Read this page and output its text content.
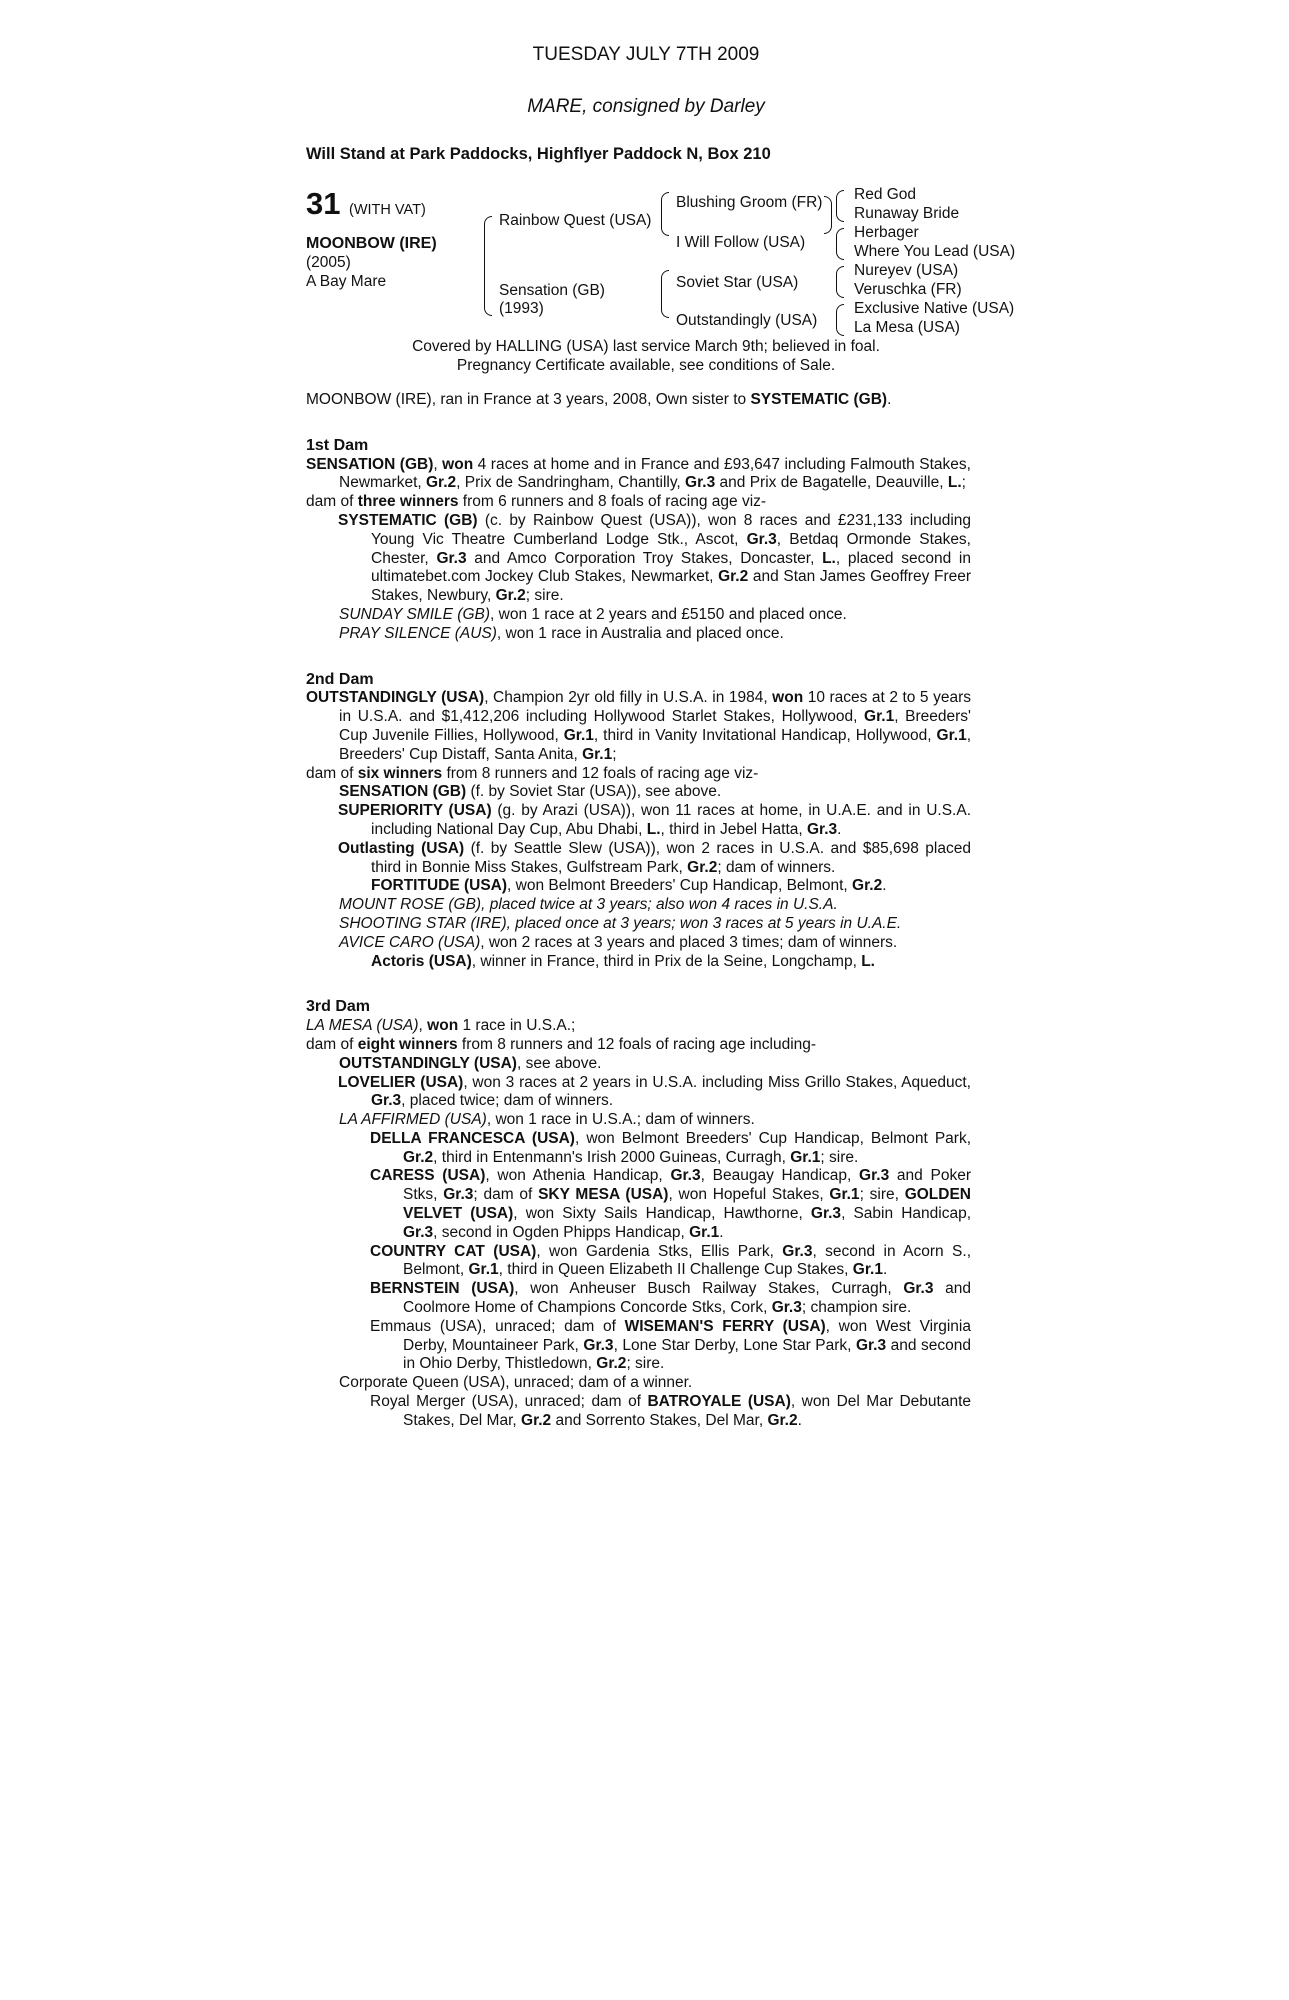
TUESDAY JULY 7TH 2009
MARE, consigned by Darley
Will Stand at Park Paddocks, Highflyer Paddock N, Box 210
31 (WITH VAT)
MOONBOW (IRE)
(2005)
A Bay Mare
Rainbow Quest (USA)
Sensation (GB)
(1993)
Blushing Groom (FR)
I Will Follow (USA)
Soviet Star (USA)
Outstandingly (USA)
Red God
Runaway Bride
Herbager
Where You Lead (USA)
Nureyev (USA)
Veruschka (FR)
Exclusive Native (USA)
La Mesa (USA)
Covered by HALLING (USA) last service March 9th; believed in foal.
Pregnancy Certificate available, see conditions of Sale.

MOONBOW (IRE), ran in France at 3 years, 2008, Own sister to SYSTEMATIC (GB).

1st Dam

SENSATION (GB), won 4 races at home and in France and £93,647 including Falmouth Stakes, Newmarket, Gr.2, Prix de Sandringham, Chantilly, Gr.3 and Prix de Bagatelle, Deauville, L.;

dam of three winners from 6 runners and 8 foals of racing age viz-

SYSTEMATIC (GB) (c. by Rainbow Quest (USA)), won 8 races and £231,133 including Young Vic Theatre Cumberland Lodge Stk., Ascot, Gr.3, Betdaq Ormonde Stakes, Chester, Gr.3 and Amco Corporation Troy Stakes, Doncaster, L., placed second in ultimatebet.com Jockey Club Stakes, Newmarket, Gr.2 and Stan James Geoffrey Freer Stakes, Newbury, Gr.2; sire.

SUNDAY SMILE (GB), won 1 race at 2 years and £5150 and placed once.

PRAY SILENCE (AUS), won 1 race in Australia and placed once.

2nd Dam

OUTSTANDINGLY (USA), Champion 2yr old filly in U.S.A. in 1984, won 10 races at 2 to 5 years in U.S.A. and $1,412,206 including Hollywood Starlet Stakes, Hollywood, Gr.1, Breeders' Cup Juvenile Fillies, Hollywood, Gr.1, third in Vanity Invitational Handicap, Hollywood, Gr.1, Breeders' Cup Distaff, Santa Anita, Gr.1;

dam of six winners from 8 runners and 12 foals of racing age viz-

SENSATION (GB) (f. by Soviet Star (USA)), see above.

SUPERIORITY (USA) (g. by Arazi (USA)), won 11 races at home, in U.A.E. and in U.S.A. including National Day Cup, Abu Dhabi, L., third in Jebel Hatta, Gr.3.

Outlasting (USA) (f. by Seattle Slew (USA)), won 2 races in U.S.A. and $85,698 placed third in Bonnie Miss Stakes, Gulfstream Park, Gr.2; dam of winners.

FORTITUDE (USA), won Belmont Breeders' Cup Handicap, Belmont, Gr.2.

MOUNT ROSE (GB), placed twice at 3 years; also won 4 races in U.S.A.

SHOOTING STAR (IRE), placed once at 3 years; won 3 races at 5 years in U.A.E.

AVICE CARO (USA), won 2 races at 3 years and placed 3 times; dam of winners.

Actoris (USA), winner in France, third in Prix de la Seine, Longchamp, L.

3rd Dam

LA MESA (USA), won 1 race in U.S.A.;

dam of eight winners from 8 runners and 12 foals of racing age including-

OUTSTANDINGLY (USA), see above.

LOVELIER (USA), won 3 races at 2 years in U.S.A. including Miss Grillo Stakes, Aqueduct, Gr.3, placed twice; dam of winners.

LA AFFIRMED (USA), won 1 race in U.S.A.; dam of winners.

DELLA FRANCESCA (USA), won Belmont Breeders' Cup Handicap, Belmont Park, Gr.2, third in Entenmann's Irish 2000 Guineas, Curragh, Gr.1; sire.

CARESS (USA), won Athenia Handicap, Gr.3, Beaugay Handicap, Gr.3 and Poker Stks, Gr.3; dam of SKY MESA (USA), won Hopeful Stakes, Gr.1; sire, GOLDEN VELVET (USA), won Sixty Sails Handicap, Hawthorne, Gr.3, Sabin Handicap, Gr.3, second in Ogden Phipps Handicap, Gr.1.

COUNTRY CAT (USA), won Gardenia Stks, Ellis Park, Gr.3, second in Acorn S., Belmont, Gr.1, third in Queen Elizabeth II Challenge Cup Stakes, Gr.1.

BERNSTEIN (USA), won Anheuser Busch Railway Stakes, Curragh, Gr.3 and Coolmore Home of Champions Concorde Stks, Cork, Gr.3; champion sire.

Emmaus (USA), unraced; dam of WISEMAN'S FERRY (USA), won West Virginia Derby, Mountaineer Park, Gr.3, Lone Star Derby, Lone Star Park, Gr.3 and second in Ohio Derby, Thistledown, Gr.2; sire.

Corporate Queen (USA), unraced; dam of a winner.

Royal Merger (USA), unraced; dam of BATROYALE (USA), won Del Mar Debutante Stakes, Del Mar, Gr.2 and Sorrento Stakes, Del Mar, Gr.2.
